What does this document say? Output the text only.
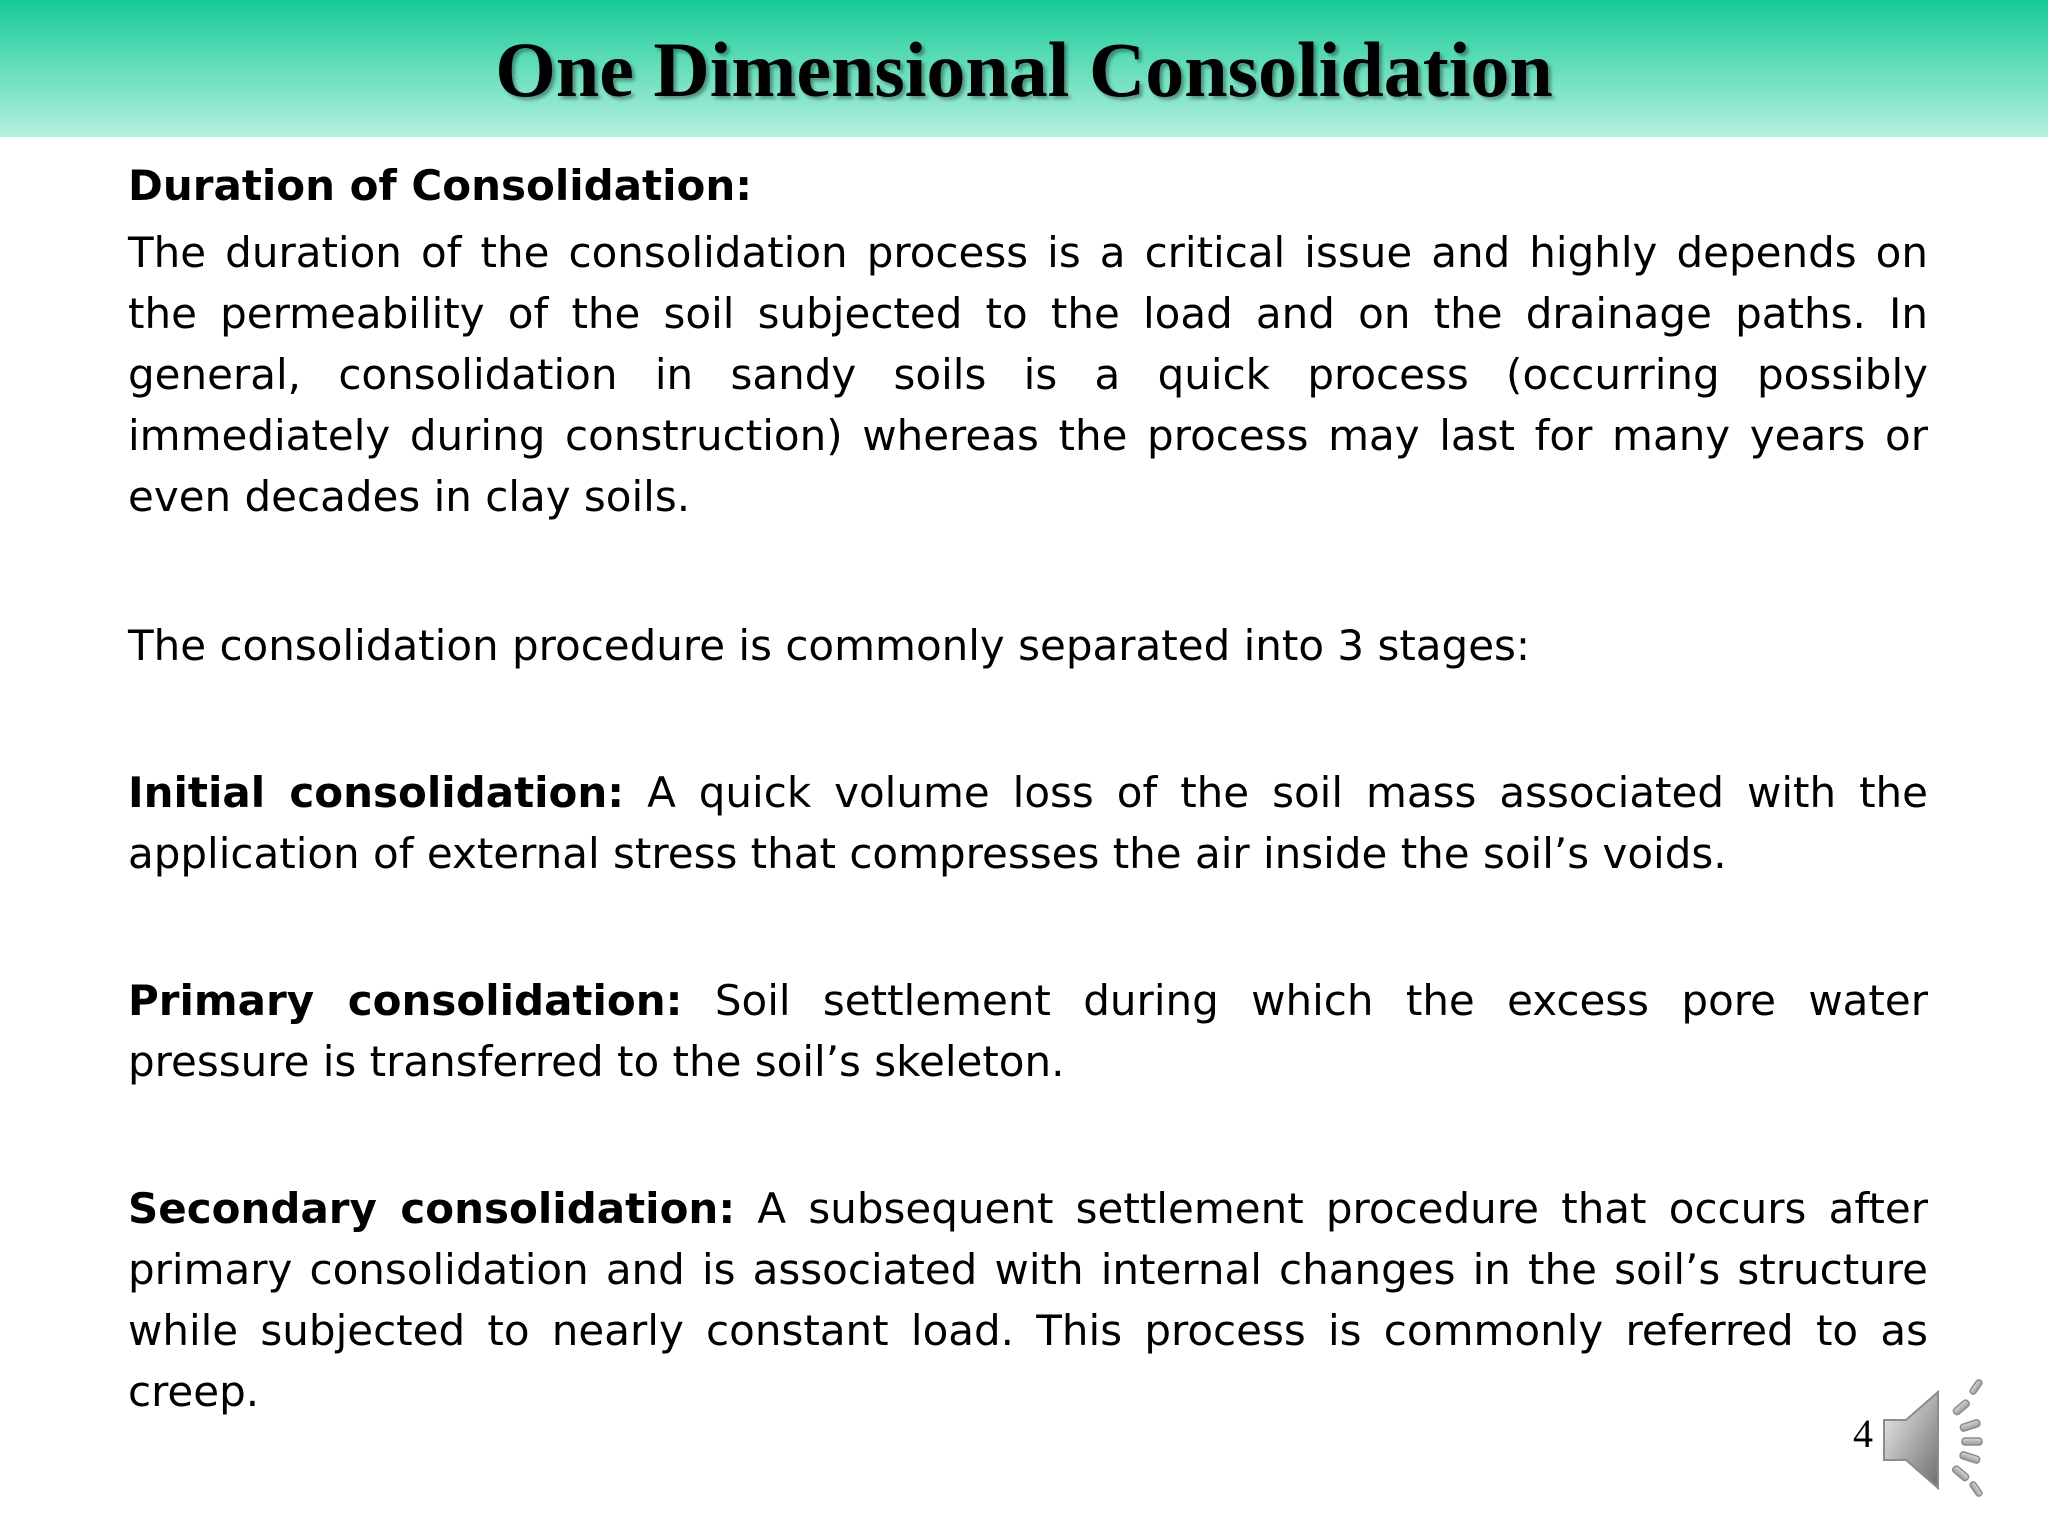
One Dimensional Consolidation

Duration of Consolidation:

The duration of the consolidation process is a critical issue and highly depends on the permeability of the soil subjected to the load and on the drainage paths. In general, consolidation in sandy soils is a quick process (occurring possibly immediately during construction) whereas the process may last for many years or even decades in clay soils.

The consolidation procedure is commonly separated into 3 stages:

Initial consolidation: A quick volume loss of the soil mass associated with the application of external stress that compresses the air inside the soil’s voids.

Primary consolidation: Soil settlement during which the excess pore water pressure is transferred to the soil’s skeleton.

Secondary consolidation: A subsequent settlement procedure that occurs after primary consolidation and is associated with internal changes in the soil’s structure while subjected to nearly constant load. This process is commonly referred to as creep.

4
